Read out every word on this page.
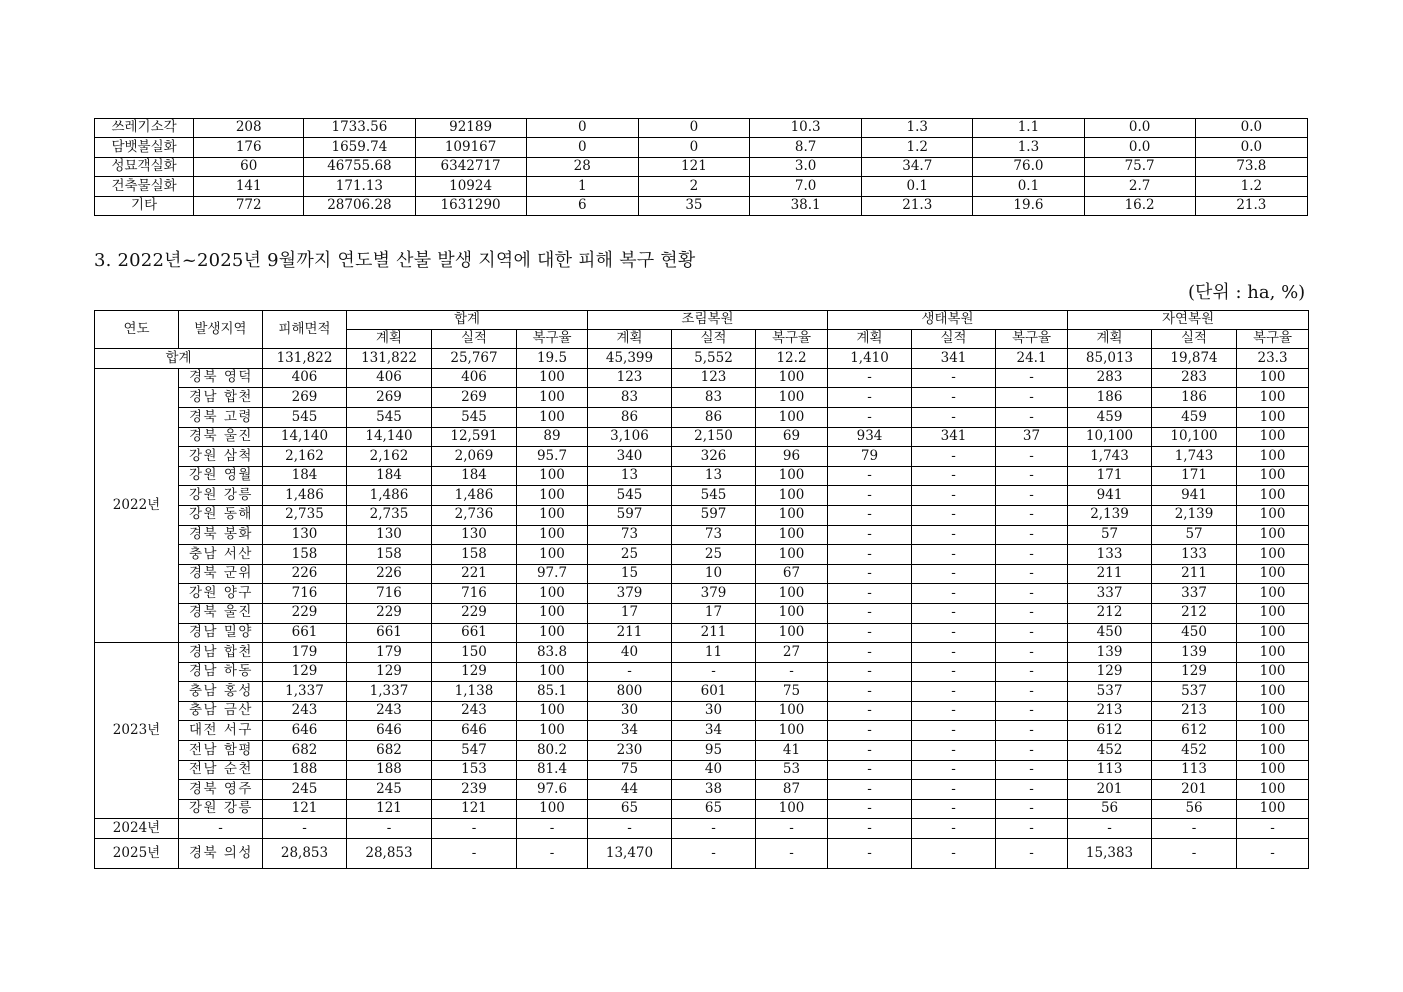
쓰레기소각	208	1733.56	92189	0	0	10.3	1.3	1.1	0.0	0.0
담뱃불실화	176	1659.74	109167	0	0	8.7	1.2	1.3	0.0	0.0
성묘객실화	60	46755.68	6342717	28	121	3.0	34.7	76.0	75.7	73.8
건축물실화	141	171.13	10924	1	2	7.0	0.1	0.1	2.7	1.2
기타	772	28706.28	1631290	6	35	38.1	21.3	19.6	16.2	21.3
3. 2022년~2025년 9월까지 연도별 산불 발생 지역에 대한 피해 복구 현황
(단위 : ha, %)
연도	발생지역	피해면적	합계			조림복원			생태복원			자연복원		
			계획	실적	복구율	계획	실적	복구율	계획	실적	복구율	계획	실적	복구율
합계		131,822	131,822	25,767	19.5	45,399	5,552	12.2	1,410	341	24.1	85,013	19,874	23.3
2022년	경북 영덕	406	406	406	100	123	123	100	-	-	-	283	283	100
	경남 합천	269	269	269	100	83	83	100	-	-	-	186	186	100
	경북 고령	545	545	545	100	86	86	100	-	-	-	459	459	100
	경북 울진	14,140	14,140	12,591	89	3,106	2,150	69	934	341	37	10,100	10,100	100
	강원 삼척	2,162	2,162	2,069	95.7	340	326	96	79	-	-	1,743	1,743	100
	강원 영월	184	184	184	100	13	13	100	-	-	-	171	171	100
	강원 강릉	1,486	1,486	1,486	100	545	545	100	-	-	-	941	941	100
	강원 동해	2,735	2,735	2,736	100	597	597	100	-	-	-	2,139	2,139	100
	경북 봉화	130	130	130	100	73	73	100	-	-	-	57	57	100
	충남 서산	158	158	158	100	25	25	100	-	-	-	133	133	100
	경북 군위	226	226	221	97.7	15	10	67	-	-	-	211	211	100
	강원 양구	716	716	716	100	379	379	100	-	-	-	337	337	100
	경북 울진	229	229	229	100	17	17	100	-	-	-	212	212	100
	경남 밀양	661	661	661	100	211	211	100	-	-	-	450	450	100
2023년	경남 합천	179	179	150	83.8	40	11	27	-	-	-	139	139	100
	경남 하동	129	129	129	100	-	-	-	-	-	-	129	129	100
	충남 홍성	1,337	1,337	1,138	85.1	800	601	75	-	-	-	537	537	100
	충남 금산	243	243	243	100	30	30	100	-	-	-	213	213	100
	대전 서구	646	646	646	100	34	34	100	-	-	-	612	612	100
	전남 함평	682	682	547	80.2	230	95	41	-	-	-	452	452	100
	전남 순천	188	188	153	81.4	75	40	53	-	-	-	113	113	100
	경북 영주	245	245	239	97.6	44	38	87	-	-	-	201	201	100
	강원 강릉	121	121	121	100	65	65	100	-	-	-	56	56	100
2024년	-	-	-	-	-	-	-	-	-	-	-	-	-	-
2025년	경북 의성	28,853	28,853	-	-	13,470	-	-	-	-	-	15,383	-	-
